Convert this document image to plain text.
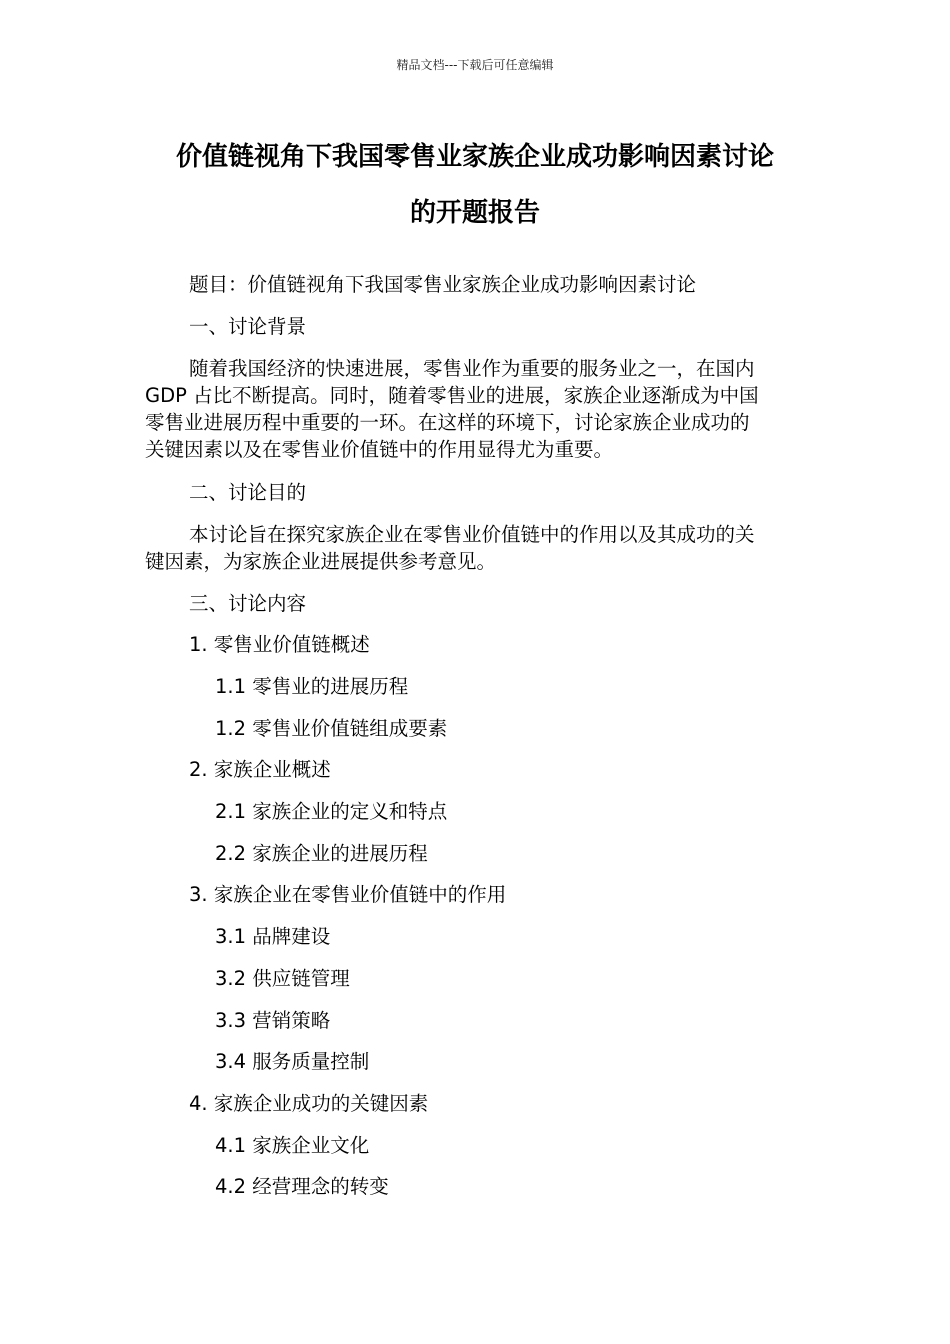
精品文档---下载后可任意编辑
价值链视角下我国零售业家族企业成功影响因素讨论
的开题报告
题目：价值链视角下我国零售业家族企业成功影响因素讨论
一、讨论背景
随着我国经济的快速进展，零售业作为重要的服务业之一，在国内
GDP 占比不断提高。同时，随着零售业的进展，家族企业逐渐成为中国
零售业进展历程中重要的一环。在这样的环境下，讨论家族企业成功的
关键因素以及在零售业价值链中的作用显得尤为重要。
二、讨论目的
本讨论旨在探究家族企业在零售业价值链中的作用以及其成功的关
键因素，为家族企业进展提供参考意见。
三、讨论内容
1. 零售业价值链概述
1.1 零售业的进展历程
1.2 零售业价值链组成要素
2. 家族企业概述
2.1 家族企业的定义和特点
2.2 家族企业的进展历程
3. 家族企业在零售业价值链中的作用
3.1 品牌建设
3.2 供应链管理
3.3 营销策略
3.4 服务质量控制
4. 家族企业成功的关键因素
4.1 家族企业文化
4.2 经营理念的转变
